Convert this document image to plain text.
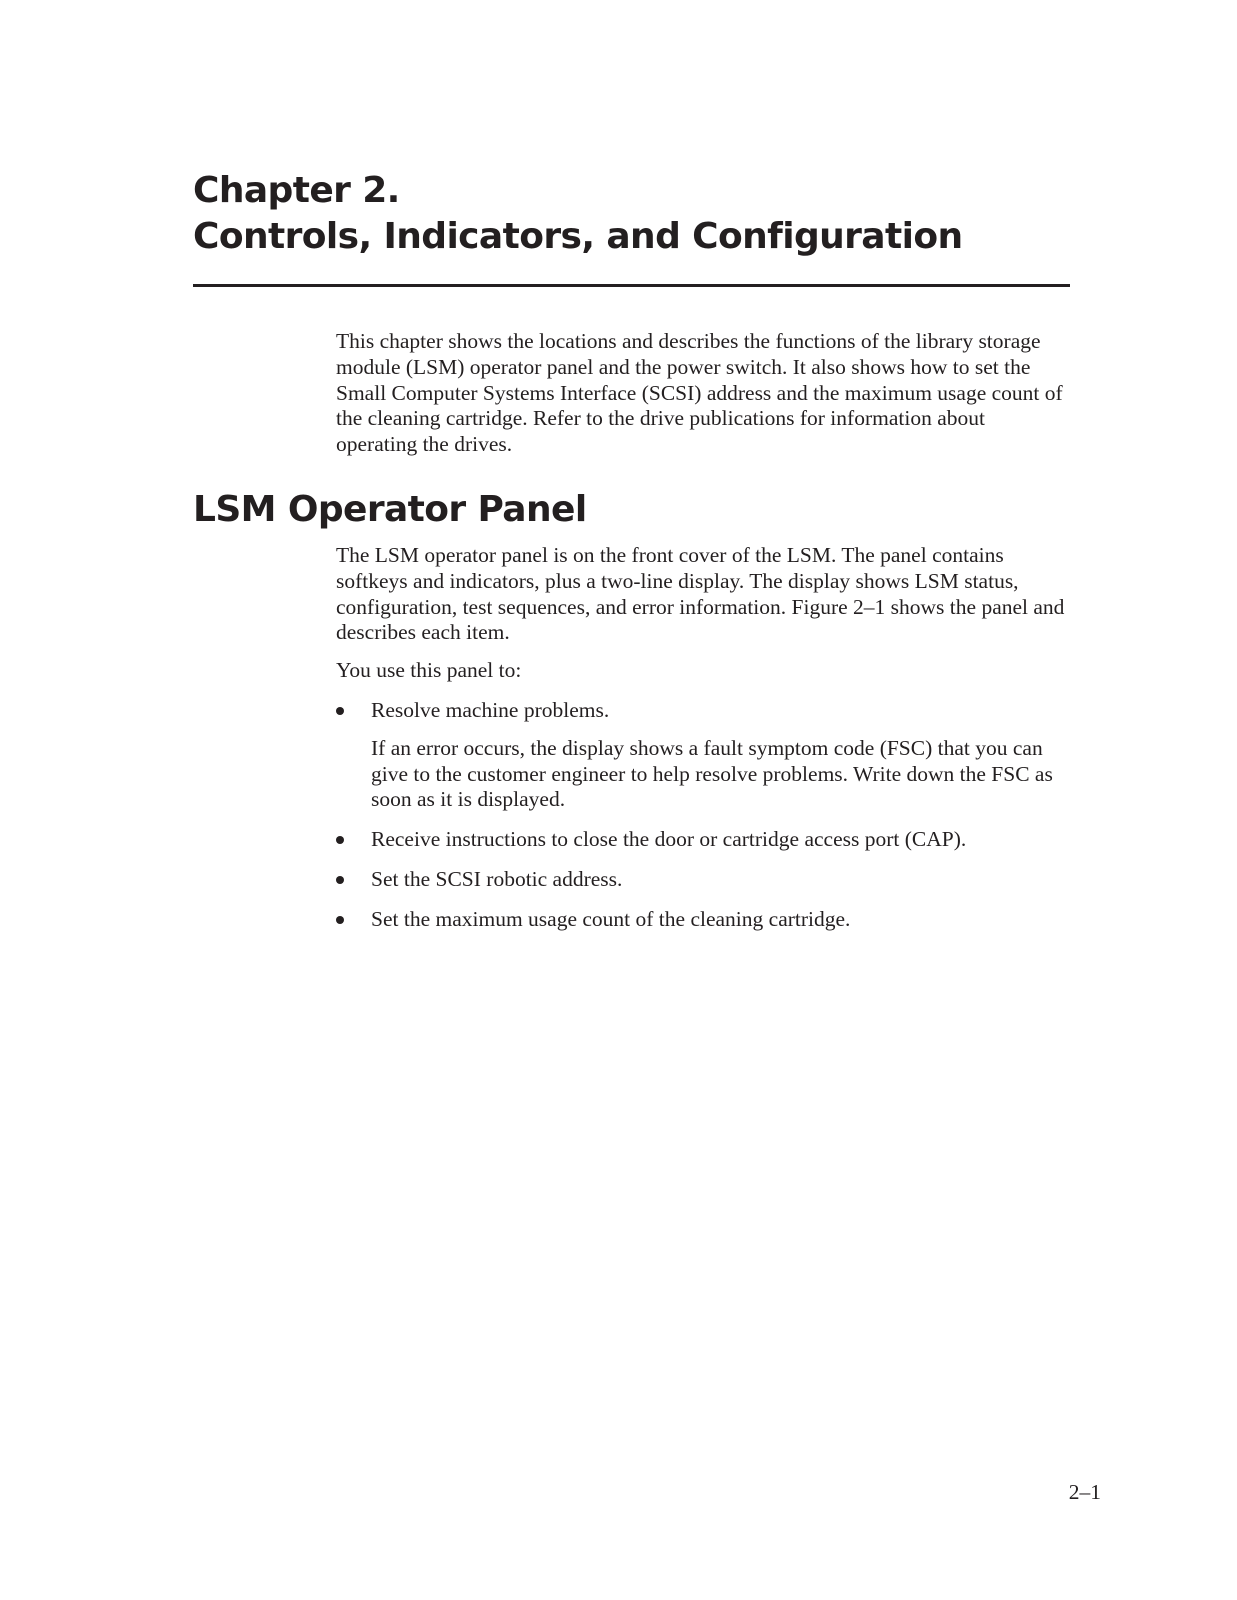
Chapter 2.
Controls, Indicators, and Configuration

This chapter shows the locations and describes the functions of the library storage module (LSM) operator panel and the power switch. It also shows how to set the Small Computer Systems Interface (SCSI) address and the maximum usage count of the cleaning cartridge. Refer to the drive publications for information about operating the drives.

LSM Operator Panel

The LSM operator panel is on the front cover of the LSM. The panel contains softkeys and indicators, plus a two-line display. The display shows LSM status, configuration, test sequences, and error information. Figure 2–1 shows the panel and describes each item.

You use this panel to:

Resolve machine problems.

If an error occurs, the display shows a fault symptom code (FSC) that you can give to the customer engineer to help resolve problems. Write down the FSC as soon as it is displayed.

Receive instructions to close the door or cartridge access port (CAP).

Set the SCSI robotic address.

Set the maximum usage count of the cleaning cartridge.

2–1
